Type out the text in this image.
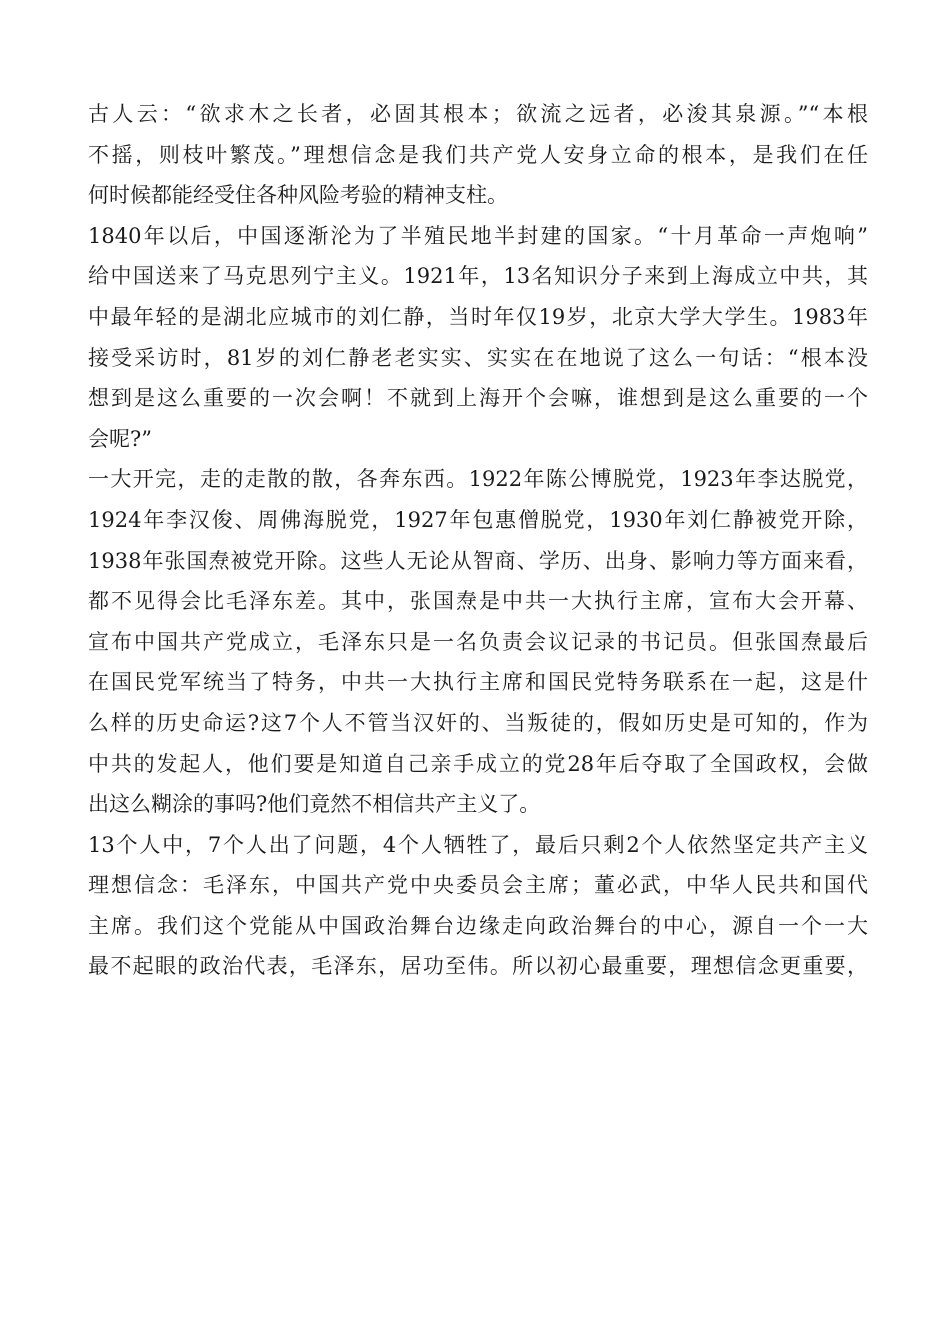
古人云：“欲求木之长者，必固其根本；欲流之远者，必浚其泉源。”“本根
不摇，则枝叶繁茂。”理想信念是我们共产党人安身立命的根本，是我们在任
何时候都能经受住各种风险考验的精神支柱。
1840年以后，中国逐渐沦为了半殖民地半封建的国家。“十月革命一声炮响”
给中国送来了马克思列宁主义。1921年，13名知识分子来到上海成立中共，其
中最年轻的是湖北应城市的刘仁静，当时年仅19岁，北京大学大学生。1983年
接受采访时，81岁的刘仁静老老实实、实实在在地说了这么一句话：“根本没
想到是这么重要的一次会啊！不就到上海开个会嘛，谁想到是这么重要的一个
会呢?”
一大开完，走的走散的散，各奔东西。1922年陈公博脱党，1923年李达脱党，
1924年李汉俊、周佛海脱党，1927年包惠僧脱党，1930年刘仁静被党开除，
1938年张国焘被党开除。这些人无论从智商、学历、出身、影响力等方面来看，
都不见得会比毛泽东差。其中，张国焘是中共一大执行主席，宣布大会开幕、
宣布中国共产党成立，毛泽东只是一名负责会议记录的书记员。但张国焘最后
在国民党军统当了特务，中共一大执行主席和国民党特务联系在一起，这是什
么样的历史命运?这7个人不管当汉奸的、当叛徒的，假如历史是可知的，作为
中共的发起人，他们要是知道自己亲手成立的党28年后夺取了全国政权，会做
出这么糊涂的事吗?他们竟然不相信共产主义了。
13个人中，7个人出了问题，4个人牺牲了，最后只剩2个人依然坚定共产主义
理想信念：毛泽东，中国共产党中央委员会主席；董必武，中华人民共和国代
主席。我们这个党能从中国政治舞台边缘走向政治舞台的中心，源自一个一大
最不起眼的政治代表，毛泽东，居功至伟。所以初心最重要，理想信念更重要，
